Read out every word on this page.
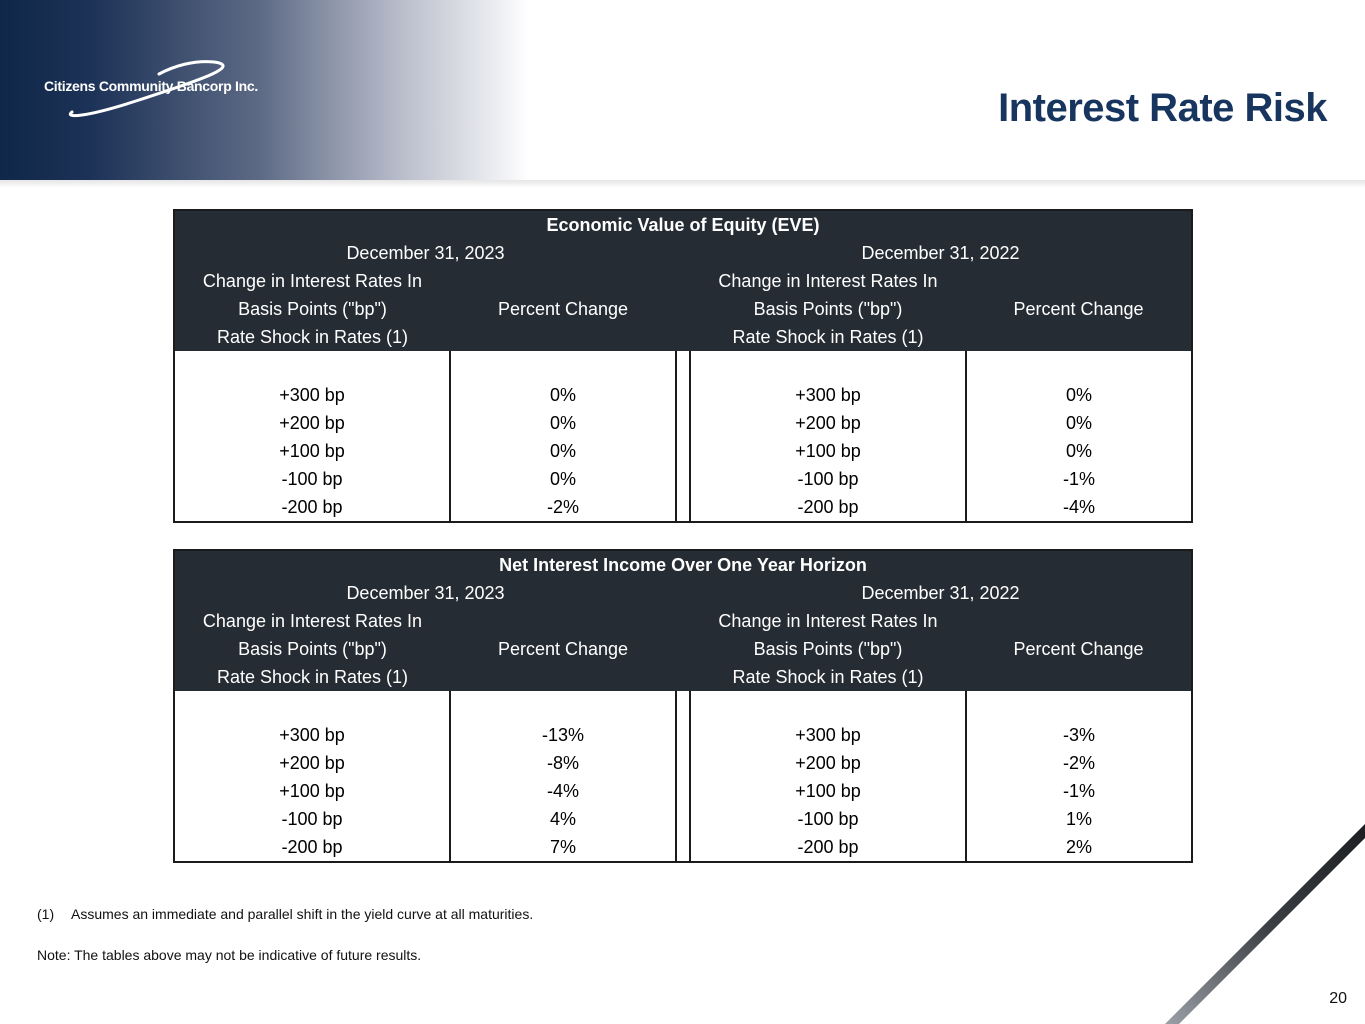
Citizens Community Bancorp Inc.	Interest Rate Risk
Economic Value of Equity (EVE)				
December 31, 2023			December 31, 2022	
Change in Interest Rates In			Change in Interest Rates In	
Basis Points ("bp")	Percent Change		Basis Points ("bp")	Percent Change
Rate Shock in Rates (1)			Rate Shock in Rates (1)	

+300 bp	0%		+300 bp	0%
+200 bp	0%		+200 bp	0%
+100 bp	0%		+100 bp	0%
-100 bp	0%		-100 bp	-1%
-200 bp	-2%		-200 bp	-4%
Net Interest Income Over One Year Horizon				
December 31, 2023			December 31, 2022	
Change in Interest Rates In			Change in Interest Rates In	
Basis Points ("bp")	Percent Change		Basis Points ("bp")	Percent Change
Rate Shock in Rates (1)			Rate Shock in Rates (1)	

+300 bp	-13%		+300 bp	-3%
+200 bp	-8%		+200 bp	-2%
+100 bp	-4%		+100 bp	-1%
-100 bp	4%		-100 bp	1%
-200 bp	7%		-200 bp	2%
(1) Assumes an immediate and parallel shift in the yield curve at all maturities.
Note: The tables above may not be indicative of future results.
20
